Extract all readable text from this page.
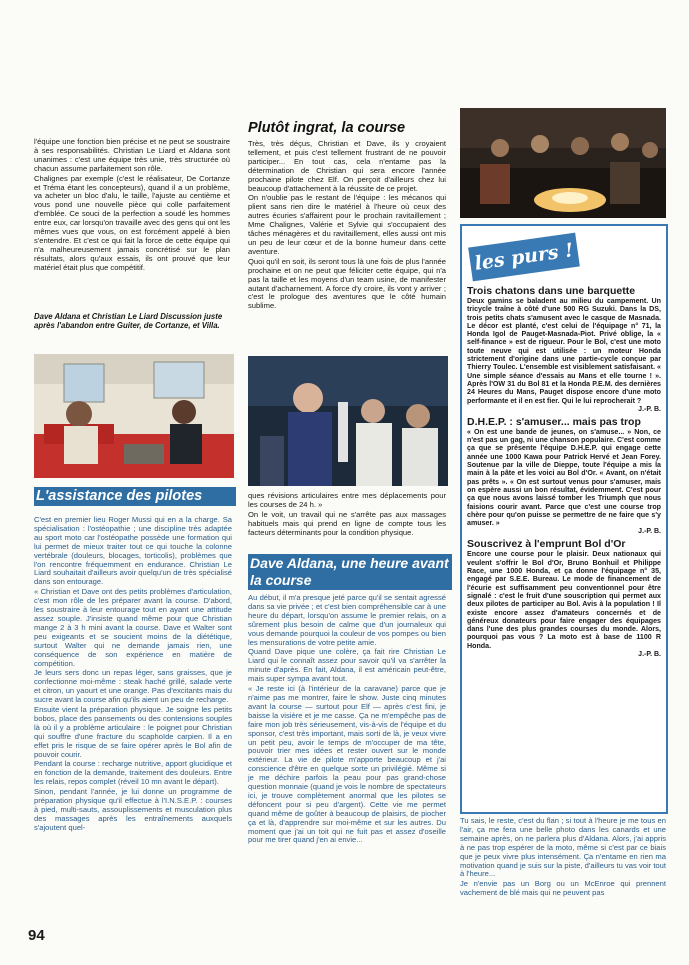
l'équipe une fonction bien précise et ne peut se soustraire à ses responsabilités. Christian Le Liard et Aldana sont unanimes : c'est une équipe très unie, très structurée où chacun assume parfaitement son rôle.

Chalignes par exemple (c'est le réalisateur, De Cortanze et Tréma étant les concepteurs), quand il a un problème, va acheter un bloc d'alu, le taille, l'ajuste au centième et vous pond une nouvelle pièce qui colle parfaitement d'emblée. Ce souci de la perfection a soudé les hommes entre eux, car lorsqu'on travaille avec des gens qui ont les mêmes vues que vous, on est forcément appelé à bien s'entendre. Et c'est ce qui fait la force de cette équipe qui n'a malheureusement jamais concrétisé sur le plan résultats, alors qu'aux essais, ils ont prouvé que leur matériel était plus que compétitif.

Dave Aldana et Christian Le Liard Discussion juste après l'abandon entre Guiter, de Cortanze, et Villa.
L'assistance des pilotes

C'est en premier lieu Roger Mussi qui en a la charge. Sa spécialisation : l'ostéopathie ; une discipline très adaptée au sport moto car l'ostéopathe possède une formation qui lui permet de mieux traiter tout ce qui touche la colonne vertébrale (douleurs, blocages, torticolis), problèmes que l'on rencontre fréquemment en endurance. Christian Le Liard souhaitait d'ailleurs avoir quelqu'un de très spécialisé dans son entourage.

« Christian et Dave ont des petits problèmes d'articulation, c'est mon rôle de les préparer avant la course. D'abord, les soustraire à leur entourage tout en ayant une attitude assez souple. J'insiste quand même pour que Christian mange 2 à 3 h mini avant la course. Dave et Walter sont peu exigeants et se soucient moins de la diététique, surtout Walter qui ne demande jamais rien, une conséquence de son expérience en matière de compétition.

Je leurs sers donc un repas léger, sans graisses, que je confectionne moi-même : steak haché grillé, salade verte et citron, un yaourt et une orange. Pas d'excitants mais du sucre avant la course afin qu'ils aient un peu de recharge.

Ensuite vient la préparation physique. Je soigne les petits bobos, place des pansements ou des contensions souples là où il y a problème articulaire : le poignet pour Christian qui souffre d'une fracture du scaphoïde carpien. Il a en effet pris le risque de se faire opérer après le Bol afin de pouvoir courir.

Pendant la course : recharge nutritive, apport glucidique et en fonction de la demande, traitement des douleurs. Entre les relais, repos complet (réveil 10 mn avant le départ).

Sinon, pendant l'année, je lui donne un programme de préparation physique qu'il effectue à l'I.N.S.E.P. : courses à pied, multi-sauts, assouplissements et musculation plus des massages après les entraînements auxquels s'ajoutent quel-

94
Plutôt ingrat, la course

Très, très déçus, Christian et Dave, ils y croyaient tellement, et puis c'est tellement frustrant de ne pouvoir participer... En tout cas, cela n'entame pas la détermination de Christian qui sera encore l'année prochaine pilote chez Elf. On perçoit d'ailleurs chez lui beaucoup d'attachement à la réussite de ce projet.

On n'oublie pas le restant de l'équipe : les mécanos qui plient sans rien dire le matériel à l'heure où ceux des autres écuries s'affairent pour le prochain ravitaillement ; Mme Chalignes, Valérie et Sylvie qui s'occupaient des tâches ménagères et du ravitaillement, elles aussi ont mis un peu de leur cœur et de la bonne humeur dans cette aventure.

Quoi qu'il en soit, ils seront tous là une fois de plus l'année prochaine et on ne peut que féliciter cette équipe, qui n'a pas la taille et les moyens d'un team usine, de manifester autant d'acharnement. A force d'y croire, ils vont y arriver ; c'est le prologue des aventures que le côté humain sublime.

ques révisions articulaires entre mes déplacements pour les courses de 24 h. »

On le voit, un travail qui ne s'arrête pas aux massages habituels mais qui prend en ligne de compte tous les facteurs déterminants pour la condition physique.

Dave Aldana, une heure avant la course

Au début, il m'a presque jeté parce qu'il se sentait agressé dans sa vie privée ; et c'est bien compréhensible car à une heure du départ, lorsqu'on assume le premier relais, on a sûrement plus besoin de calme que d'un journaleux qui vous demande pourquoi la couleur de vos pompes ou bien les mensurations de votre petite amie.

Quand Dave pique une colère, ça fait rire Christian Le Liard qui le connaît assez pour savoir qu'il va s'arrêter la minute d'après. En fait, Aldana, il est américain peut-être, mais super sympa avant tout.

« Je reste ici (à l'intérieur de la caravane) parce que je n'aime pas me montrer, faire le show. Juste cinq minutes avant la course — surtout pour Elf — après c'est fini, je baisse la visière et je me casse. Ça ne m'empêche pas de faire mon job très sérieusement, vis-à-vis de l'équipe et du sponsor, c'est très important, mais sorti de là, je veux vivre un petit peu, avoir le temps de m'occuper de ma tête, pouvoir trier mes idées et rester ouvert sur le monde extérieur. La vie de pilote m'apporte beaucoup et j'ai conscience d'être en quelque sorte un privilégié. Même si je me déchire parfois la peau pour pas grand-chose question monnaie (quand je vois le nombre de spectateurs ici, je trouve complètement anormal que les pilotes se défoncent pour si peu d'argent). Cette vie me permet quand même de goûter à beaucoup de plaisirs, de piocher ça et là, d'apprendre sur moi-même et sur les autres. Du moment que j'ai un toit qui ne fuit pas et assez d'oseille pour me tirer quand j'en ai envie...

les purs !

Trois chatons dans une barquette

Deux gamins se baladent au milieu du campement. Un tricycle traîne à côté d'une 500 RG Suzuki. Dans la DS, trois petits chats s'amusent avec le casque de Masnada. Le décor est planté, c'est celui de l'équipage n° 71, la Honda Igol de Pauget-Masnada-Piot. Privé oblige, la « self-finance » est de rigueur. Pour le Bol, c'est une moto toute neuve qui est utilisée : un moteur Honda strictement d'origine dans une partie-cycle conçue par Thierry Toulec. L'ensemble est visiblement satisfaisant. « Une simple séance d'essais au Mans et elle tourne ! ». Après l'OW 31 du Bol 81 et la Honda P.E.M. des dernières 24 Heures du Mans, Pauget dispose encore d'une moto performante et il en est fier. Qui le lui reprocherait ?

J.-P. B.

D.H.E.P. : s'amuser... mais pas trop

« On est une bande de jeunes, on s'amuse... » Non, ce n'est pas un gag, ni une chanson populaire. C'est comme ça que se présente l'équipe D.H.E.P. qui engage cette année une 1000 Kawa pour Patrick Hervé et Jean Forey. Soutenue par la ville de Dieppe, toute l'équipe a mis la main à la pâte et les voici au Bol d'Or. « Avant, on n'était pas prêts ». « On est surtout venus pour s'amuser, mais on espère aussi un bon résultat, évidemment. C'est pour ça que nous avons laissé tomber les Triumph que nous faisions courir avant. Parce que c'est une course trop chère pour qu'on puisse se permettre de ne faire que s'y amuser. »

J.-P. B.

Souscrivez à l'emprunt Bol d'Or

Encore une course pour le plaisir. Deux nationaux qui veulent s'offrir le Bol d'Or, Bruno Bonhuil et Philippe Race, une 1000 Honda, et ça donne l'équipage n° 35, engagé par S.E.E. Bureau. Le mode de financement de l'écurie est suffisamment peu conventionnel pour être signalé : c'est le fruit d'une souscription qui permet aux deux pilotes de participer au Bol. Avis à la population ! Il existe encore assez d'amateurs concernés et de généreux donateurs pour faire engager des équipages dans l'une des plus grandes courses du monde. Alors, pourquoi pas vous ? La moto est à base de 1100 R Honda.

J.-P. B.

Tu sais, le reste, c'est du flan ; si tout à l'heure je me tous en l'air, ça me fera une belle photo dans les canards et une semaine après, on ne parlera plus d'Aldana. Alors, j'ai appris à ne pas trop espérer de la moto, même si c'est par ce biais que je peux vivre plus intensément. Ça n'entame en rien ma motivation quand je suis sur la piste, d'ailleurs tu vas voir tout à l'heure...

Je n'envie pas un Borg ou un McEnroe qui prennent vachement de blé mais qui ne peuvent pas
